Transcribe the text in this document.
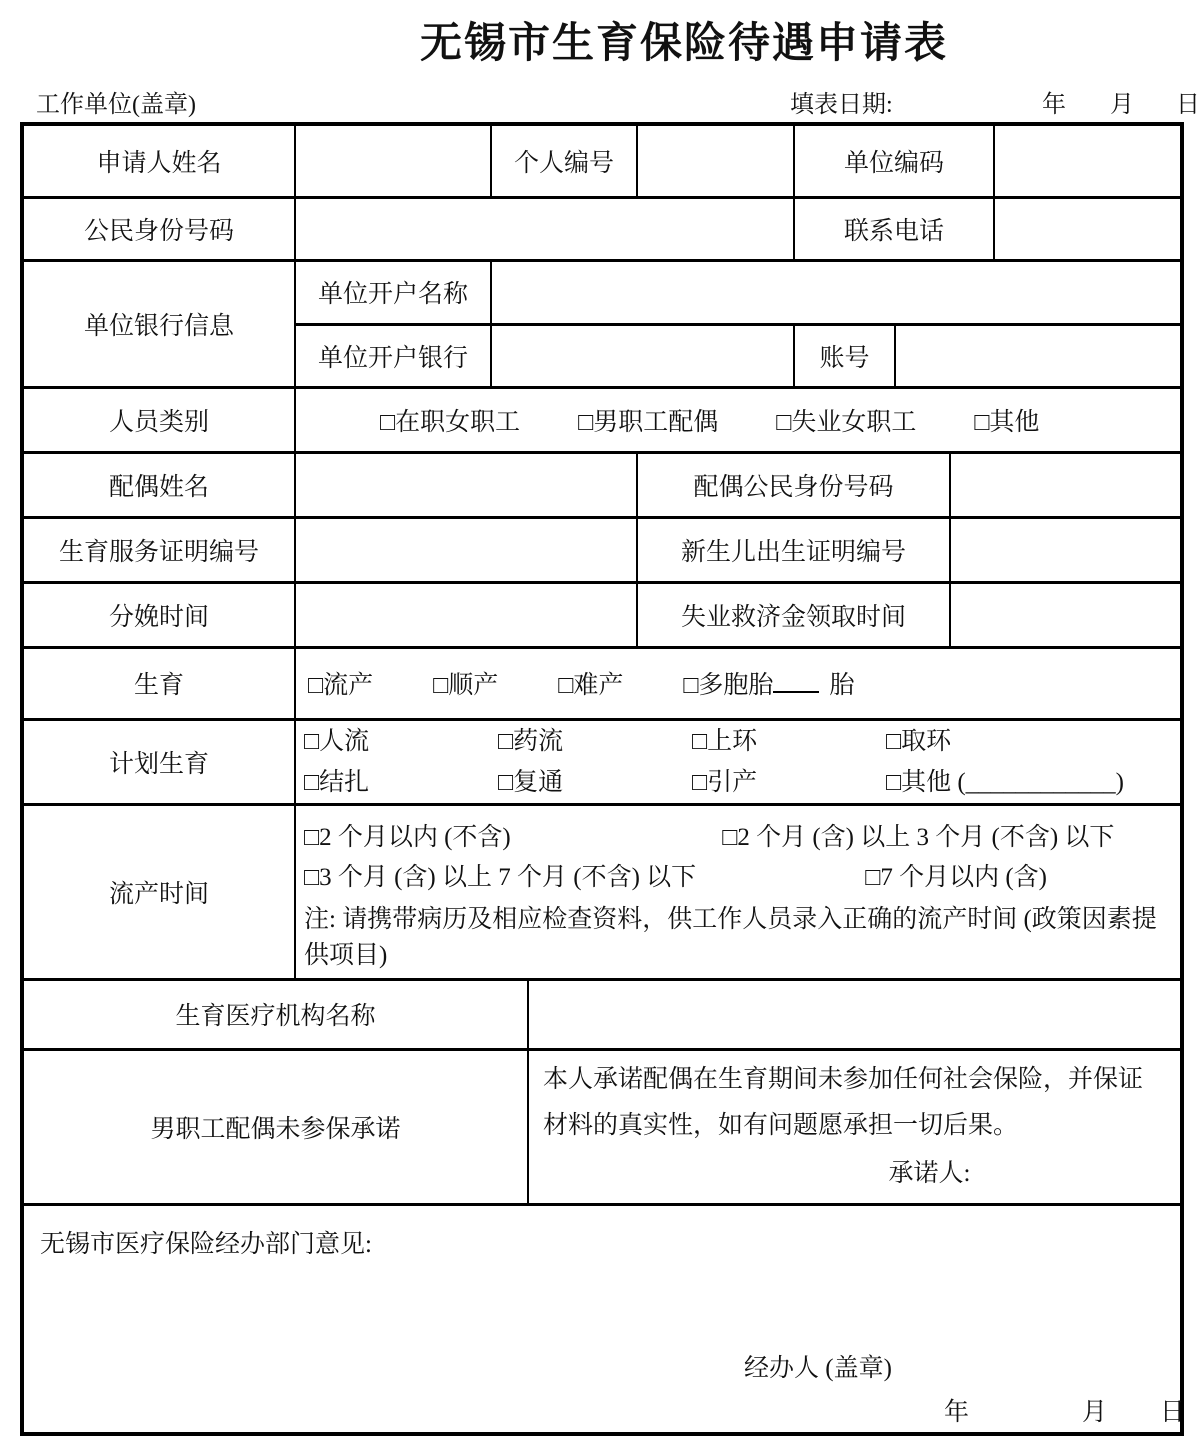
无锡市生育保险待遇申请表
工作单位(盖章)	填表日期:	年 月 日
申请人姓名		个人编号			单位编码			
公民身份号码					联系电话			
单位银行信息	单位开户名称							
	单位开户银行				账号			
人员类别	□在职女职工 □男职工配偶 □失业女职工 □其他							

配偶姓名				配偶公民身份号码				
生育服务证明编号				新生儿出生证明编号				
分娩时间				失业救济金领取时间				
生育	□流产 □顺产 □难产 □多胞胎 胎							

计划生育	
□人流	□药流	□上环	□取环
□结扎	□复通	□引产	□其他 (____________)

流产时间	□2 个月以内 (不含) □2 个月 (含) 以上 3 个月 (不含) 以下
□3 个月 (含) 以上 7 个月 (不含) 以下 □7 个月以内 (含)
注: 请携带病历及相应检查资料，供工作人员录入正确的流产时间 (政策因素提供项目)							

生育医疗机构名称								
男职工配偶未参保承诺			本人承诺配偶在生育期间未参加任何社会保险，并保证材料的真实性，如有问题愿承担一切后果。
承诺人:					

无锡市医疗保险经办部门意见:
经办人 (盖章)
年 月 日								
